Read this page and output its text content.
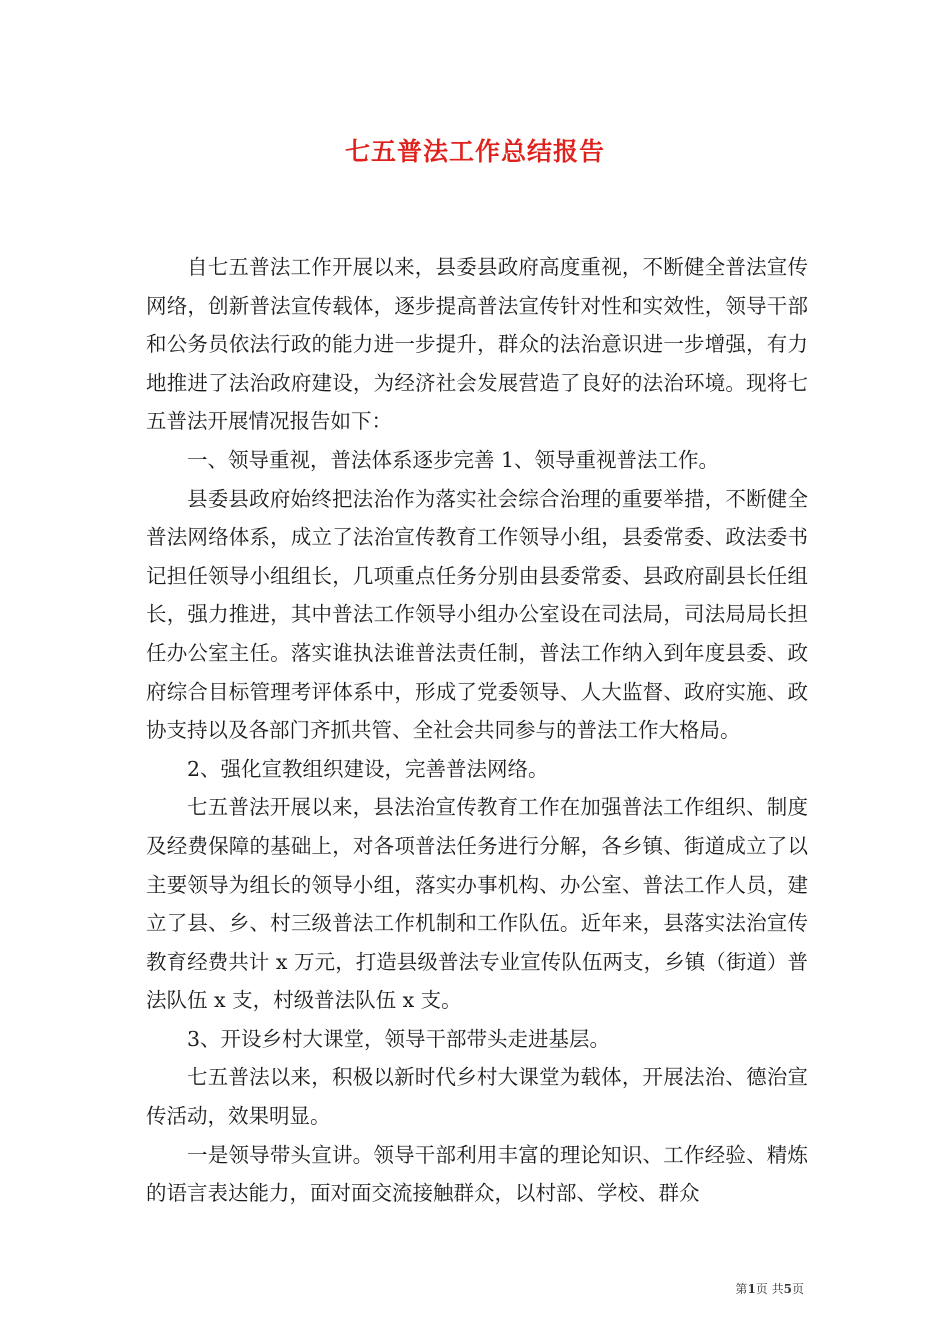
七五普法工作总结报告

自七五普法工作开展以来，县委县政府高度重视，不断健全普法宣传网络，创新普法宣传载体，逐步提高普法宣传针对性和实效性，领导干部和公务员依法行政的能力进一步提升，群众的法治意识进一步增强，有力地推进了法治政府建设，为经济社会发展营造了良好的法治环境。现将七五普法开展情况报告如下：

一、领导重视，普法体系逐步完善 1、领导重视普法工作。

县委县政府始终把法治作为落实社会综合治理的重要举措，不断健全普法网络体系，成立了法治宣传教育工作领导小组，县委常委、政法委书记担任领导小组组长，几项重点任务分别由县委常委、县政府副县长任组长，强力推进，其中普法工作领导小组办公室设在司法局，司法局局长担任办公室主任。落实谁执法谁普法责任制，普法工作纳入到年度县委、政府综合目标管理考评体系中，形成了党委领导、人大监督、政府实施、政协支持以及各部门齐抓共管、全社会共同参与的普法工作大格局。

2、强化宣教组织建设，完善普法网络。

七五普法开展以来，县法治宣传教育工作在加强普法工作组织、制度及经费保障的基础上，对各项普法任务进行分解，各乡镇、街道成立了以主要领导为组长的领导小组，落实办事机构、办公室、普法工作人员，建立了县、乡、村三级普法工作机制和工作队伍。近年来，县落实法治宣传教育经费共计 x 万元，打造县级普法专业宣传队伍两支，乡镇（街道）普法队伍 x 支，村级普法队伍 x 支。

3、开设乡村大课堂，领导干部带头走进基层。

七五普法以来，积极以新时代乡村大课堂为载体，开展法治、德治宣传活动，效果明显。

一是领导带头宣讲。领导干部利用丰富的理论知识、工作经验、精炼的语言表达能力，面对面交流接触群众，以村部、学校、群众

第1页 共5页
